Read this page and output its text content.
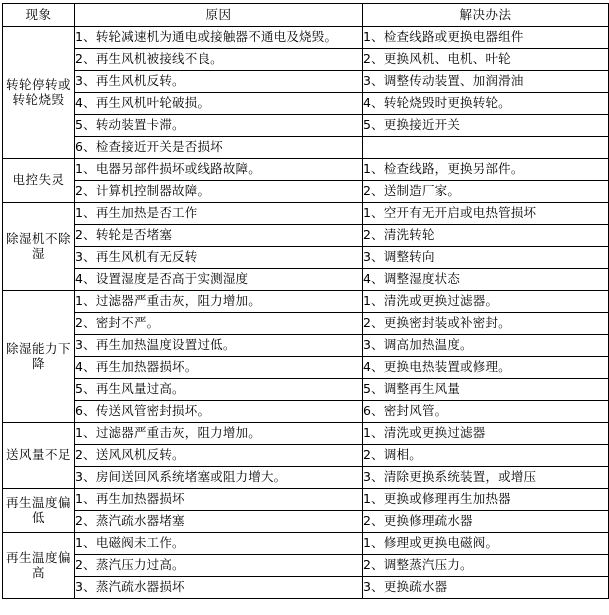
现象	原因	解决办法

转轮停转或转轮烧毁	1、转轮减速机为通电或接触器不通电及烧毁。	1、检查线路或更换电器组件
	2、再生风机被接线不良。	2、更换风机、电机、叶轮
	3、再生风机反转。	3、调整传动装置、加润滑油
	4、再生风机叶轮破损。	4、转轮烧毁时更换转轮。
	5、转动装置卡滞。	5、更换接近开关
	6、检查接近开关是否损坏	

电控失灵	1、电器另部件损坏或线路故障。	1、检查线路，更换另部件。
	2、计算机控制器故障。	2、送制造厂家。

除湿机不除湿	1、再生加热是否工作	1、空开有无开启或电热管损坏
	2、转轮是否堵塞	2、清洗转轮
	3、再生风机有无反转	3、调整转向
	4、设置湿度是否高于实测湿度	4、调整湿度状态

除湿能力下降	1、过滤器严重击灰，阻力增加。	1、清洗或更换过滤器。
	2、密封不严。	2、更换密封装或补密封。
	3、再生加热温度设置过低。	3、调高加热温度。
	4、再生加热器损坏。	4、更换电热装置或修理。
	5、再生风量过高。	5、调整再生风量
	6、传送风管密封损坏。	6、密封风管。

送风量不足	1、过滤器严重击灰，阻力增加。	1、清洗或更换过滤器
	2、送风风机反转。	2、调相。
	3、房间送回风系统堵塞或阻力增大。	3、清除更换系统装置，或增压

再生温度偏低	1、再生加热器损坏	1、更换或修理再生加热器
	2、蒸汽疏水器堵塞	2、更换修理疏水器

再生温度偏高	1、电磁阀未工作。	1、修理或更换电磁阀。
	2、蒸汽压力过高。	2、调整蒸汽压力。
	3、蒸汽疏水器损坏	3、更换疏水器
